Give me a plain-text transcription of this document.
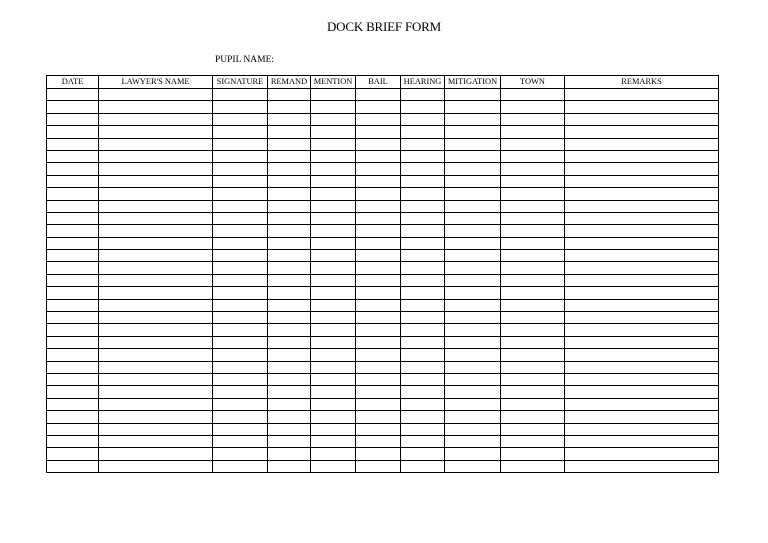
DOCK BRIEF FORM
PUPIL NAME:
DATE	LAWYER'S NAME	SIGNATURE	REMAND	MENTION	BAIL	HEARING	MITIGATION	TOWN	REMARKS
